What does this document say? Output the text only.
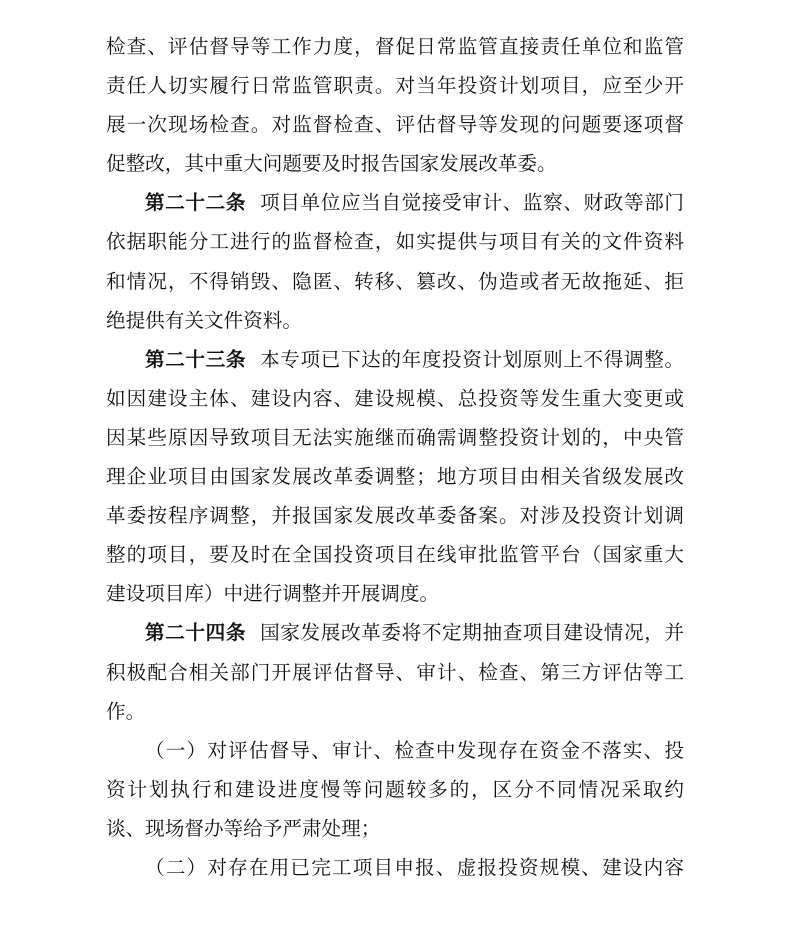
检查、评估督导等工作力度，督促日常监管直接责任单位和监管
责任人切实履行日常监管职责。对当年投资计划项目，应至少开
展一次现场检查。对监督检查、评估督导等发现的问题要逐项督
促整改，其中重大问题要及时报告国家发展改革委。
第二十二条 项目单位应当自觉接受审计、监察、财政等部门
依据职能分工进行的监督检查，如实提供与项目有关的文件资料
和情况，不得销毁、隐匿、转移、篡改、伪造或者无故拖延、拒
绝提供有关文件资料。
第二十三条 本专项已下达的年度投资计划原则上不得调整。
如因建设主体、建设内容、建设规模、总投资等发生重大变更或
因某些原因导致项目无法实施继而确需调整投资计划的，中央管
理企业项目由国家发展改革委调整；地方项目由相关省级发展改
革委按程序调整，并报国家发展改革委备案。对涉及投资计划调
整的项目，要及时在全国投资项目在线审批监管平台（国家重大
建设项目库）中进行调整并开展调度。
第二十四条 国家发展改革委将不定期抽查项目建设情况，并
积极配合相关部门开展评估督导、审计、检查、第三方评估等工
作。
（一）对评估督导、审计、检查中发现存在资金不落实、投
资计划执行和建设进度慢等问题较多的，区分不同情况采取约
谈、现场督办等给予严肃处理；
（二）对存在用已完工项目申报、虚报投资规模、建设内容
